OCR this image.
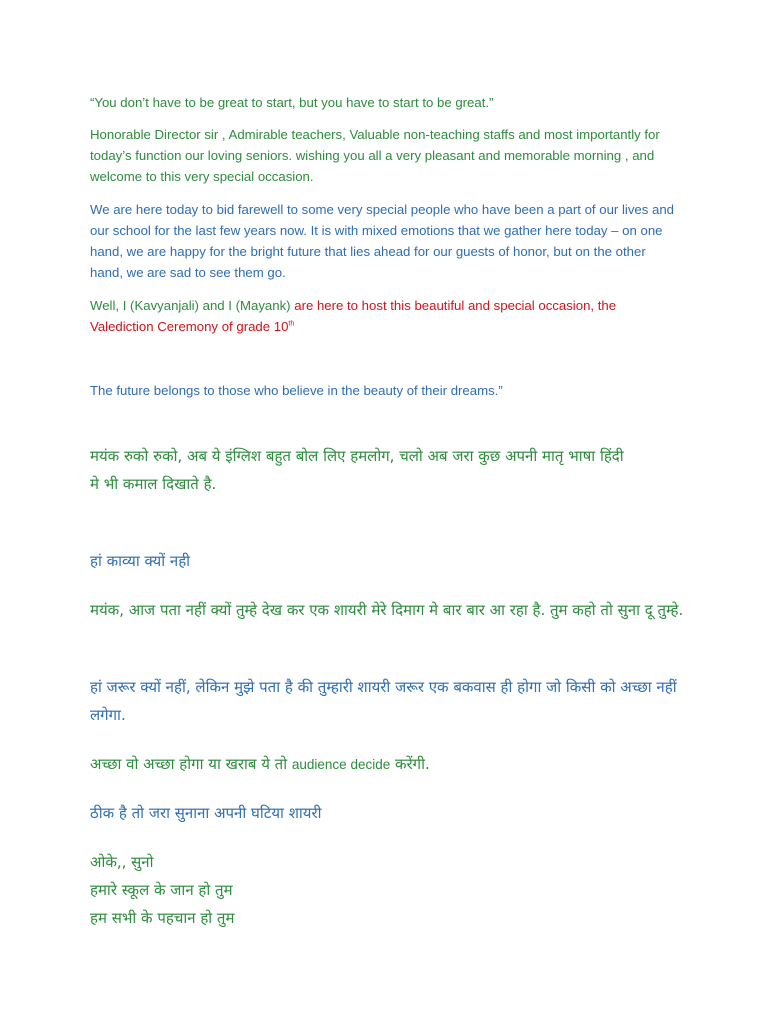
“You don’t have to be great to start, but you have to start to be great.”

Honorable Director sir , Admirable teachers, Valuable non-teaching staffs and most importantly for today’s function our loving seniors. wishing you all a very pleasant and memorable morning , and welcome to this very special occasion.

We are here today to bid farewell to some very special people who have been a part of our lives and our school for the last few years now. It is with mixed emotions that we gather here today – on one hand, we are happy for the bright future that lies ahead for our guests of honor, but on the other hand, we are sad to see them go.

Well, I (Kavyanjali) and I (Mayank) are here to host this beautiful and special occasion, the Valediction Ceremony of grade 10th

The future belongs to those who believe in the beauty of their dreams.”

मयंक रुको रुको, अब ये इंग्लिश बहुत बोल लिए हमलोग, चलो अब जरा कुछ अपनी मातृ भाषा हिंदी
मे भी कमाल दिखाते है.

हां काव्या क्यों नही

मयंक, आज पता नहीं क्यों तुम्हे देख कर एक शायरी मेरे दिमाग मे बार बार आ रहा है. तुम कहो तो सुना दू तुम्हे.

हां जरूर क्यों नहीं, लेकिन मुझे पता है की तुम्हारी शायरी जरूर एक बकवास ही होगा जो किसी को अच्छा नहीं लगेगा.

अच्छा वो अच्छा होगा या खराब ये तो audience decide करेंगी.

ठीक है तो जरा सुनाना अपनी घटिया शायरी

ओके,, सुनो
हमारे स्कूल के जान हो तुम
हम सभी के पहचान हो तुम
